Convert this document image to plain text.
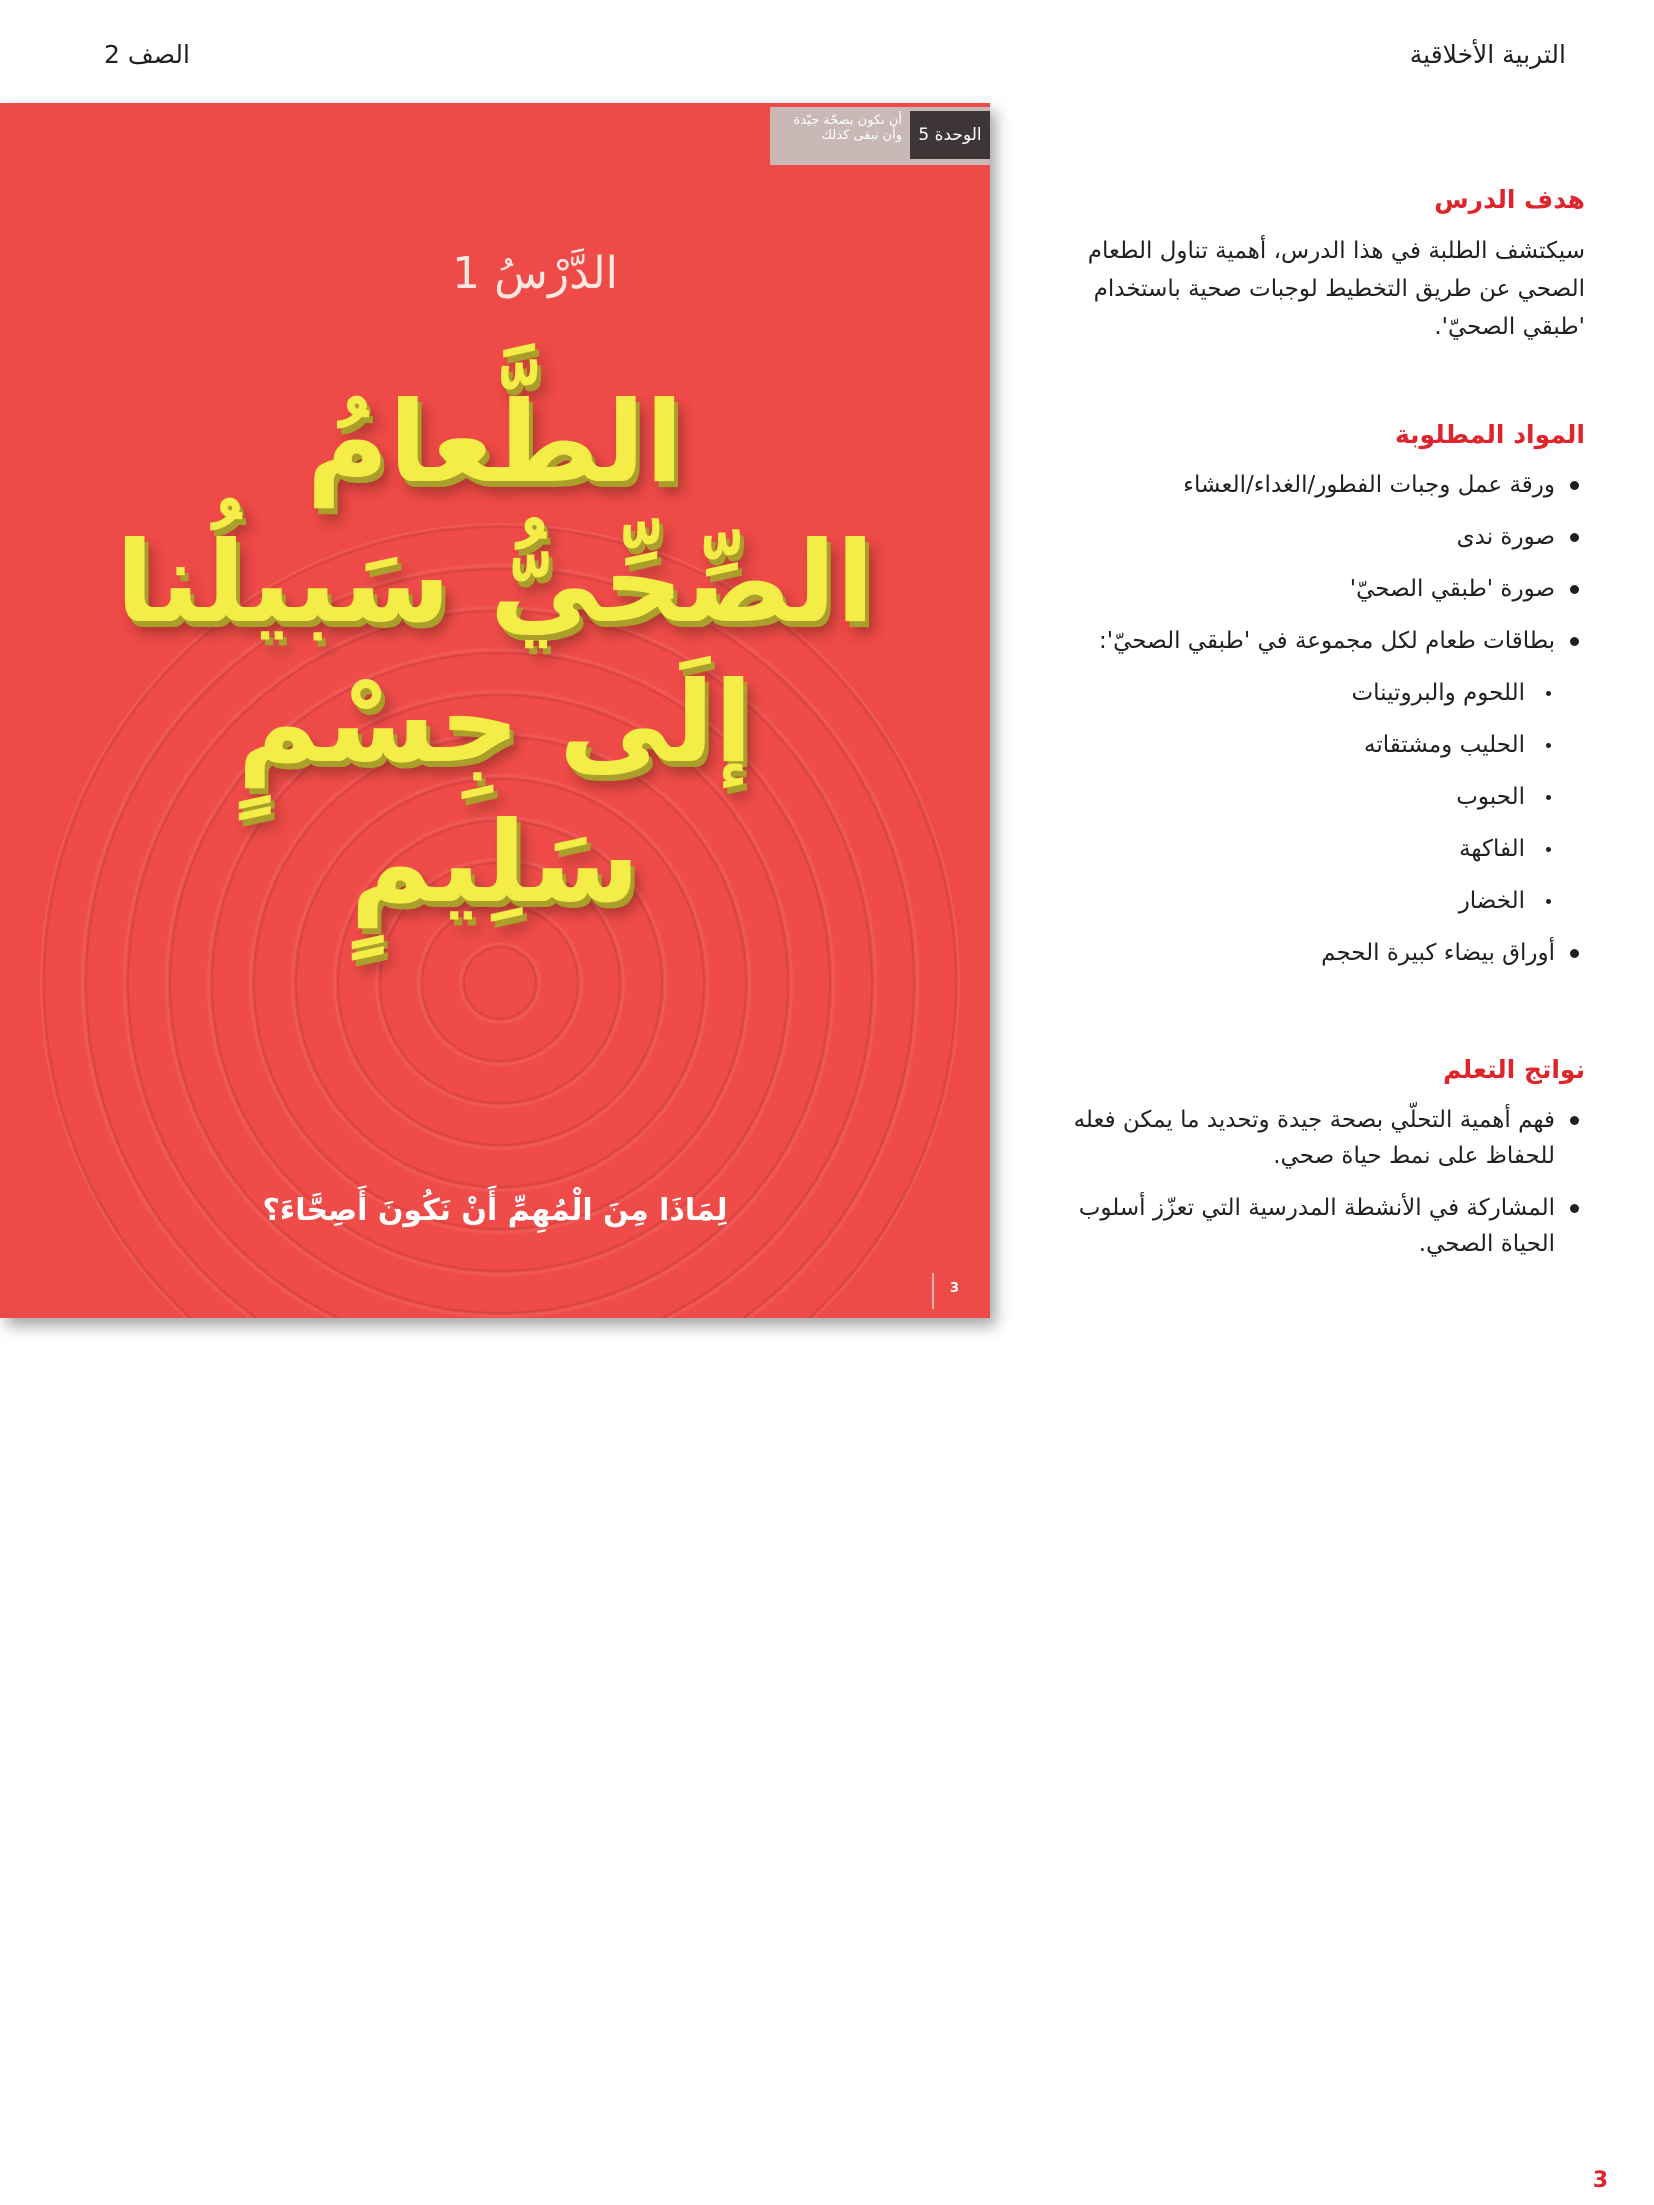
التربية الأخلاقية
الصف 2
الوحدة 5
أن نكون بصحّة جيّدة وأن نبقى كذلك
الدَّرْسُ 1
الطَّعامُ
الصِّحِّيُّ سَبيلُنا
إلَى جِسْمٍ
سَلِيمٍ
لِمَاذَا مِنَ الْمُهِمِّ أَنْ نَكُونَ أَصِحَّاءَ؟
3
هدف الدرس

سيكتشف الطلبة في هذا الدرس، أهمية تناول الطعام الصحي عن طريق التخطيط لوجبات صحية باستخدام 'طبقي الصحيّ'.

المواد المطلوبة
ورقة عمل وجبات الفطور/الغداء/العشاء
صورة ندى
صورة 'طبقي الصحيّ'
بطاقات طعام لكل مجموعة في 'طبقي الصحيّ':
اللحوم والبروتينات
الحليب ومشتقاته
الحبوب
الفاكهة
الخضار
أوراق بيضاء كبيرة الحجم
نواتج التعلم
فهم أهمية التحلّي بصحة جيدة وتحديد ما يمكن فعله للحفاظ على نمط حياة صحي.
المشاركة في الأنشطة المدرسية التي تعزّز أسلوب الحياة الصحي.
3
